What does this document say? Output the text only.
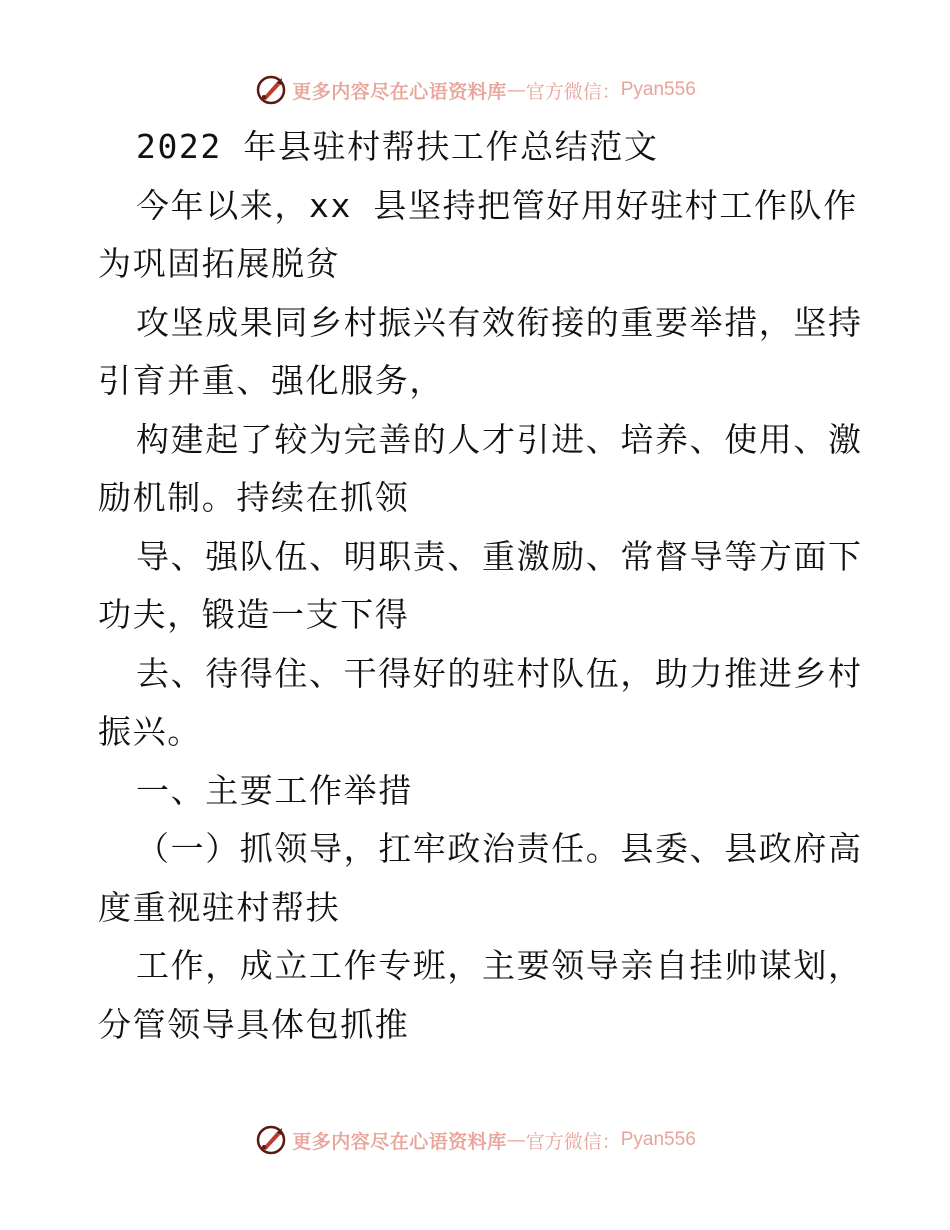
更多内容尽在心语资料库 — 官方微信： Pyan556
2022 年县驻村帮扶工作总结范文
今年以来，xx 县坚持把管好用好驻村工作队作
为巩固拓展脱贫
攻坚成果同乡村振兴有效衔接的重要举措，坚持
引育并重、强化服务，
构建起了较为完善的人才引进、培养、使用、激
励机制。持续在抓领
导、强队伍、明职责、重激励、常督导等方面下
功夫，锻造一支下得
去、待得住、干得好的驻村队伍，助力推进乡村
振兴。
一、主要工作举措
（一）抓领导，扛牢政治责任。县委、县政府高
度重视驻村帮扶
工作，成立工作专班，主要领导亲自挂帅谋划，
分管领导具体包抓推
更多内容尽在心语资料库 — 官方微信： Pyan556
